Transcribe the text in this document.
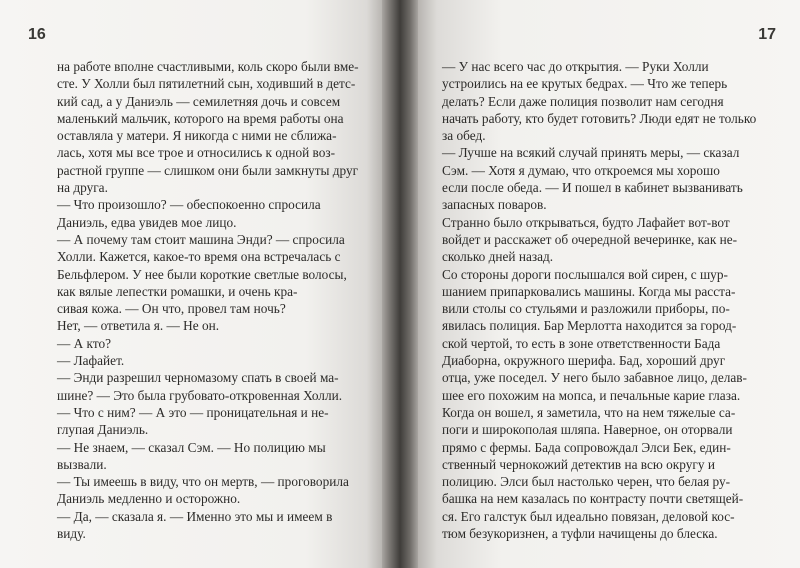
16
на работе вполне счастливыми, коль скоро были вме-
сте. У Холли был пятилетний сын, ходивший в детс-
кий сад, а у Даниэль — семилетняя дочь и совсем
маленький мальчик, которого на время работы она
оставляла у матери. Я никогда с ними не сближа-
лась, хотя мы все трое и относились к одной воз-
растной группе — слишком они были замкнуты друг
на друга.
— Что произошло? — обеспокоенно спросила
Даниэль, едва увидев мое лицо.
— А почему там стоит машина Энди? — спросила
Холли. Кажется, какое-то время она встречалась с
Бельфлером. У нее были короткие светлые волосы,
как вялые лепестки ромашки, и очень кра-
сивая кожа. — Он что, провел там ночь?
Нет, — ответила я. — Не он.
— А кто?
— Лафайет.
— Энди разрешил черномазому спать в своей ма-
шине? — Это была грубовато-откровенная Холли.
— Что с ним? — А это — проницательная и не-
глупая Даниэль.
— Не знаем, — сказал Сэм. — Но полицию мы
вызвали.
— Ты имеешь в виду, что он мертв, — проговорила
Даниэль медленно и осторожно.
— Да, — сказала я. — Именно это мы и имеем в
виду.
17
— У нас всего час до открытия. — Руки Холли
устроились на ее крутых бедрах. — Что же теперь
делать? Если даже полиция позволит нам сегодня
начать работу, кто будет готовить? Люди едят не только
за обед.
— Лучше на всякий случай принять меры, — сказал
Сэм. — Хотя я думаю, что откроемся мы хорошо
если после обеда. — И пошел в кабинет вызванивать
запасных поваров.
Странно было открываться, будто Лафайет вот-вот
войдет и расскажет об очередной вечеринке, как не-
сколько дней назад.
Со стороны дороги послышался вой сирен, с шур-
шанием припарковались машины. Когда мы расста-
вили столы со стульями и разложили приборы, по-
явилась полиция. Бар Мерлотта находится за город-
ской чертой, то есть в зоне ответственности Бада
Диаборна, окружного шерифа. Бад, хороший друг
отца, уже поседел. У него было забавное лицо, делав-
шее его похожим на мопса, и печальные карие глаза.
Когда он вошел, я заметила, что на нем тяжелые са-
поги и широкополая шляпа. Наверное, он оторвали
прямо с фермы. Бада сопровождал Элси Бек, един-
ственный чернокожий детектив на всю округу и
полицию. Элси был настолько черен, что белая ру-
башка на нем казалась по контрасту почти светящей-
ся. Его галстук был идеально повязан, деловой кос-
тюм безукоризнен, а туфли начищены до блеска.
